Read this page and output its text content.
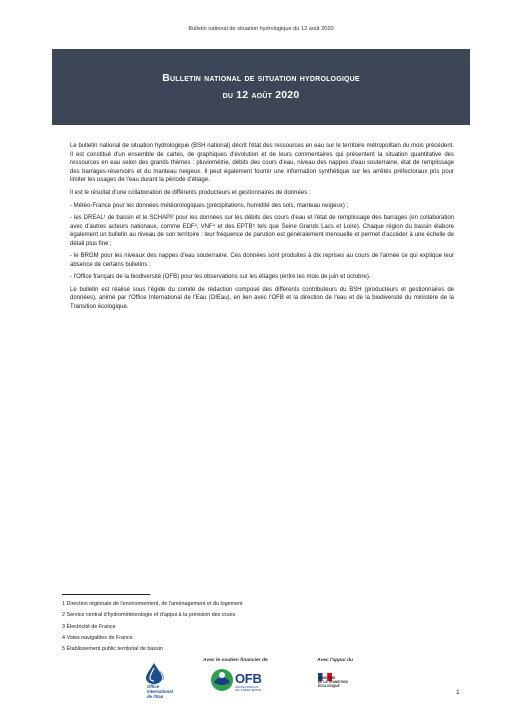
Bulletin national de situation hydrologique du 12 août 2020
Bulletin national de situation hydrologique
du 12 août 2020

Le bulletin national de situation hydrologique (BSH national) décrit l'état des ressources en eau sur le territoire métropolitain du mois précédent. Il est constitué d'un ensemble de cartes, de graphiques d'évolution et de leurs commentaires qui présentent la situation quantitative des ressources en eau selon des grands thèmes : pluviométrie, débits des cours d'eau, niveau des nappes d'eau souterraine, état de remplissage des barrages-réservoirs et du manteau neigeux. Il peut également fournir une information synthétique sur les arrêtés préfectoraux pris pour limiter les usages de l'eau durant la période d'étiage.

Il est le résultat d'une collaboration de différents producteurs et gestionnaires de données :

- Météo-France pour les données météorologiques (précipitations, humidité des sols, manteau neigeux) ;

- les DREAL¹ de bassin et le SCHAPI² pour les données sur les débits des cours d'eau et l'état de remplissage des barrages (en collaboration avec d'autres acteurs nationaux, comme EDF³, VNF⁴ et des EPTB⁵ tels que Seine Grands Lacs et Loire). Chaque région du bassin élabore également un bulletin au niveau de son territoire : leur fréquence de parution est généralement mensuelle et permet d'accéder à une échelle de détail plus fine ;

- le BRGM pour les niveaux des nappes d'eau souterraine. Ces données sont produites à dix reprises au cours de l'année ce qui explique leur absence de certains bulletins ;

- l'Office français de la biodiversité (OFB) pour les observations sur les étiages (entre les mois de juin et octobre).

Le bulletin est réalisé sous l'égide du comité de rédaction composé des différents contributeurs du BSH (producteurs et gestionnaires de données), animé par l'Office International de l'Eau (OIEau), en lien avec l'OFB et la direction de l'eau et de la biodiversité du ministère de la Transition écologique.

1 Direction régionale de l'environnement, de l'aménagement et du logement
2 Service central d'hydrométéorologie et d'appui à la prévision des crues
3 Électricité de France
4 Voies navigables de France
5 Établissement public territorial de bassin
Avec le soutien financier de	Avec l'appui du
Office
International
de l'Eau
OFB
OFFICE FRANÇAIS
DE LA BIODIVERSITÉ
MINISTÈRE
DE LA TRANSITION
ÉCOLOGIQUE
1
